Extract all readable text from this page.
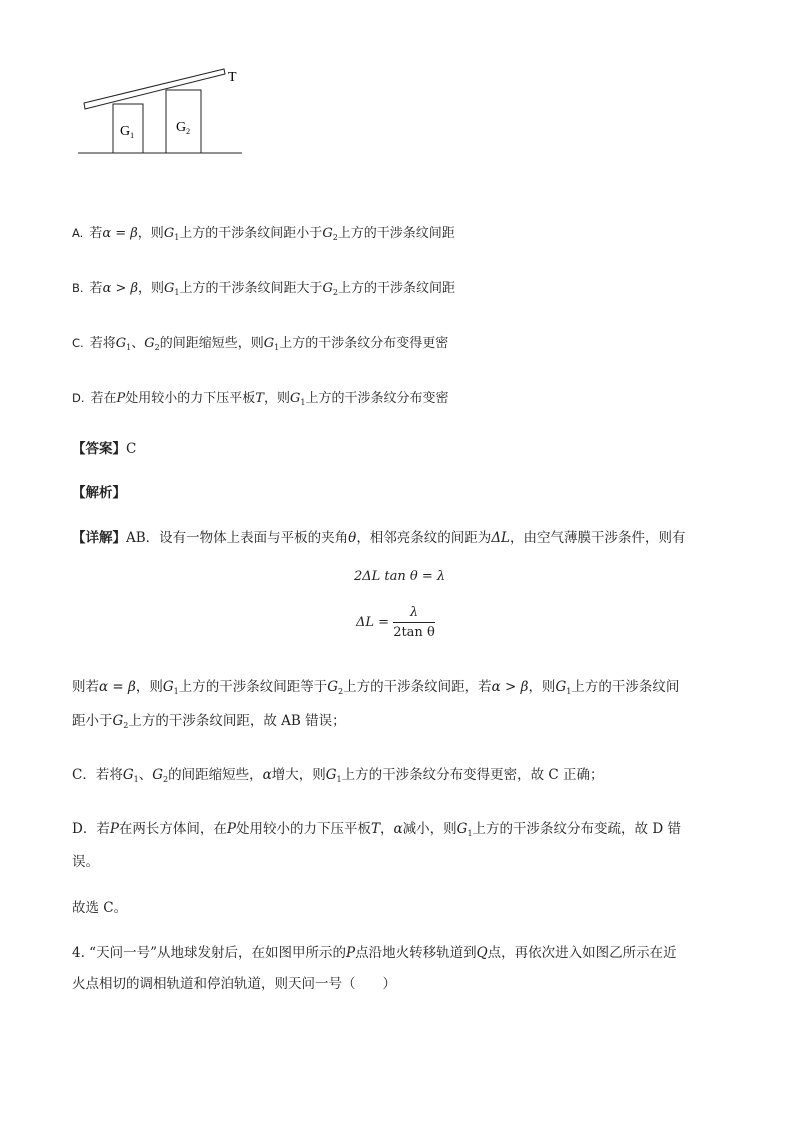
T
$G_1$
$G_2$
A. 若α = β，则$G_1$上方的干涉条纹间距小于$G_2$上方的干涉条纹间距
B. 若α > β，则$G_1$上方的干涉条纹间距大于$G_2$上方的干涉条纹间距
C. 若将$G_1$、$G_2$的间距缩短些，则$G_1$上方的干涉条纹分布变得更密
D. 若在P处用较小的力下压平板T，则$G_1$上方的干涉条纹分布变密
【答案】C
【解析】
【详解】AB．设有一物体上表面与平板的夹角θ，相邻亮条纹的间距为ΔL，由空气薄膜干涉条件，则有
2ΔL tan θ = λ
$\Delta L = \frac{\lambda}{\text{2tan θ}}$
则若α = β，则$G_1$上方的干涉条纹间距等于$G_2$上方的干涉条纹间距，若α > β，则$G_1$上方的干涉条纹间
距小于$G_2$上方的干涉条纹间距，故 AB 错误；
C．若将$G_1$、$G_2$的间距缩短些，α增大，则$G_1$上方的干涉条纹分布变得更密，故 C 正确；
D．若P在两长方体间，在P处用较小的力下压平板T，α减小，则$G_1$上方的干涉条纹分布变疏，故 D 错
误。
故选 C。
4. “天问一号”从地球发射后，在如图甲所示的P点沿地火转移轨道到Q点，再依次进入如图乙所示在近
火点相切的调相轨道和停泊轨道，则天问一号（　　）
